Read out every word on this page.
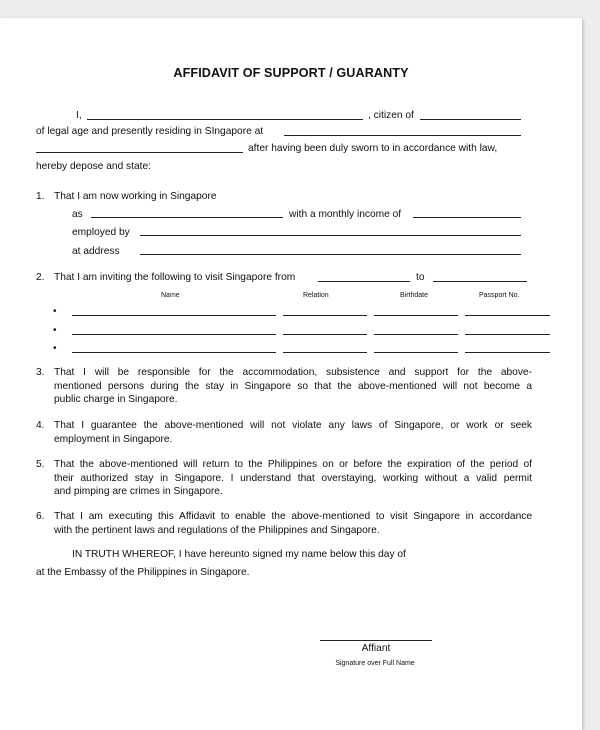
AFFIDAVIT OF SUPPORT / GUARANTY
I,	, citizen of
of legal age and presently residing in SIngapore at
after having been duly sworn to in accordance with law,
hereby depose and state:
1. That I am now working in Singapore
as	with a monthly income of
employed by
at address
2. That I am inviting the following to visit Singapore from	to
Name	Relation	Birthdate	Passport No.
•
•
•
3. That I will be responsible for the accommodation, subsistence and support for the above-
mentioned persons during the stay in Singapore so that the above-mentioned will not become a
public charge in Singapore.
4. That I guarantee the above-mentioned will not violate any laws of Singapore, or work or seek
employment in Singapore.
5. That the above-mentioned will return to the Philippines on or before the expiration of the period of
their authorized stay in Singapore. I understand that overstaying, working without a valid permit
and pimping are crimes in Singapore.
6. That I am executing this Affidavit to enable the above-mentioned to visit Singapore in accordance
with the pertinent laws and regulations of the Philippines and Singapore.
IN TRUTH WHEREOF, I have hereunto signed my name below this day of
at the Embassy of the Philippines in Singapore.
Affiant
Signature over Full Name
